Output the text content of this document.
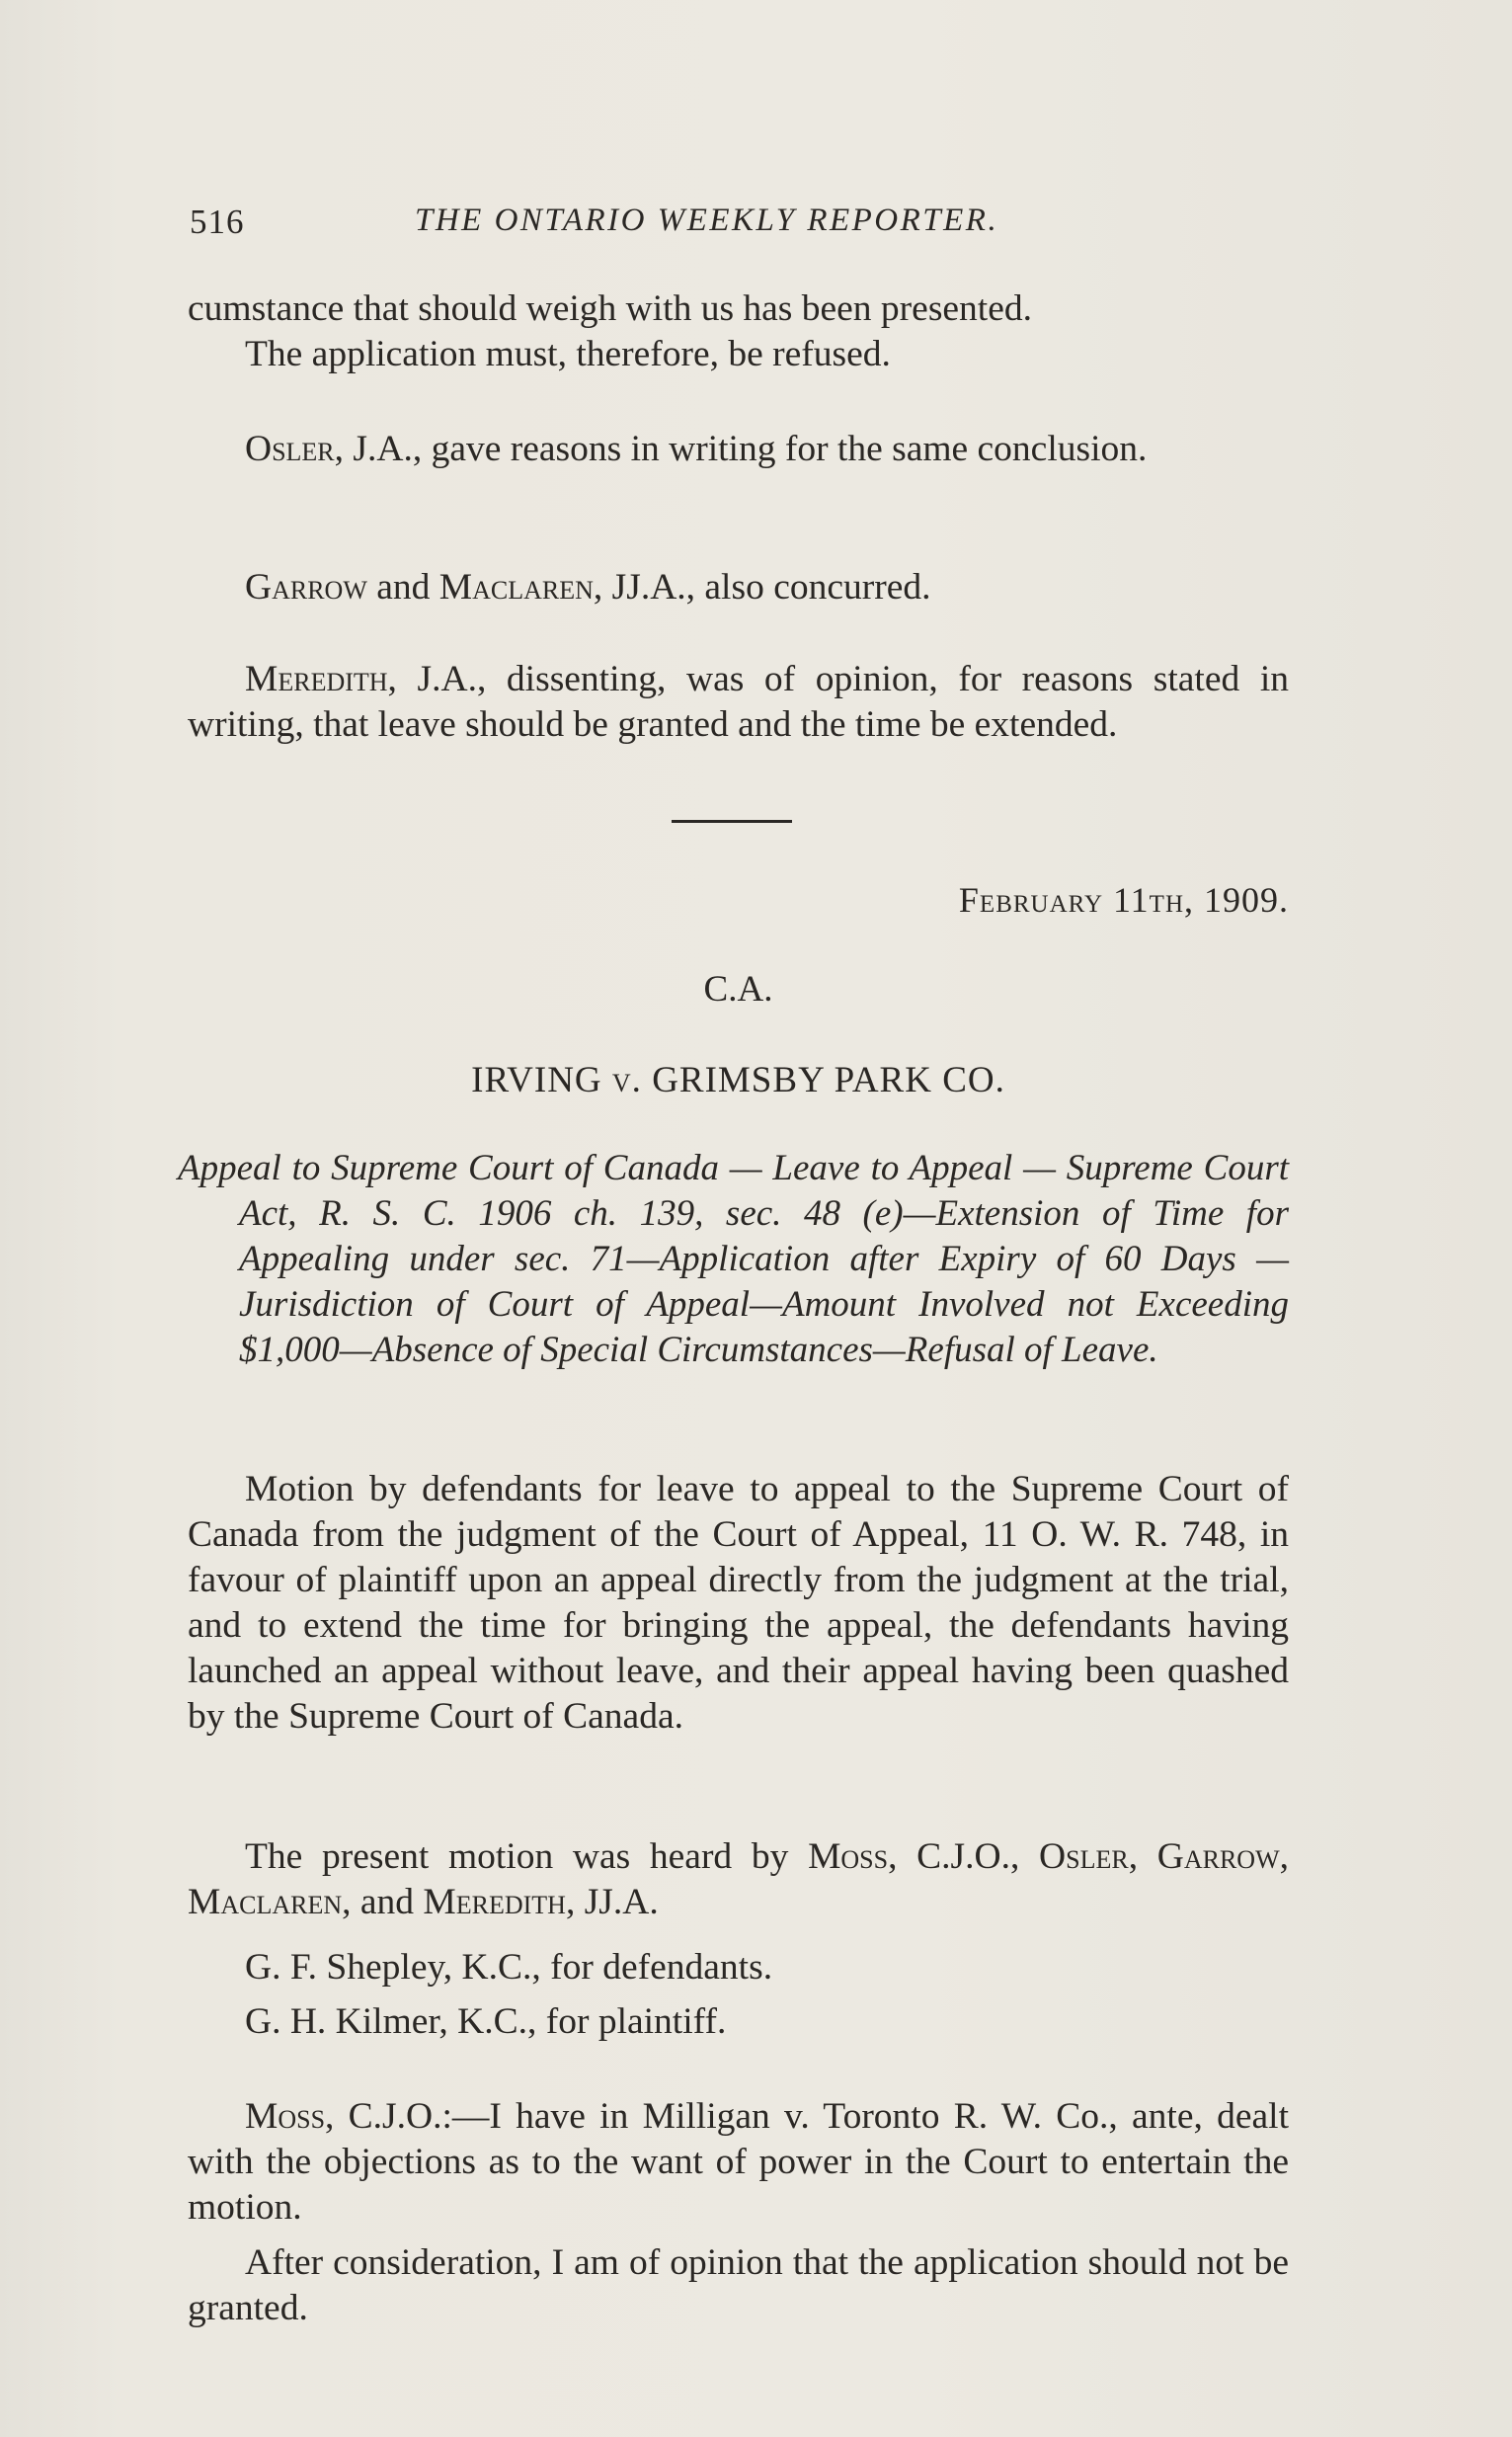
516	THE ONTARIO WEEKLY REPORTER.
cumstance that should weigh with us has been presented.
The application must, therefore, be refused.
Osler, J.A., gave reasons in writing for the same conclusion.
Garrow and Maclaren, JJ.A., also concurred.
Meredith, J.A., dissenting, was of opinion, for reasons stated in writing, that leave should be granted and the time be extended.
February 11th, 1909.
C.A.
IRVING v. GRIMSBY PARK CO.
Appeal to Supreme Court of Canada — Leave to Appeal — Supreme Court Act, R. S. C. 1906 ch. 139, sec. 48 (e)—Extension of Time for Appealing under sec. 71—Application after Expiry of 60 Days — Jurisdiction of Court of Appeal—Amount Involved not Exceeding $1,000—Absence of Special Circumstances—Refusal of Leave.
Motion by defendants for leave to appeal to the Supreme Court of Canada from the judgment of the Court of Appeal, 11 O. W. R. 748, in favour of plaintiff upon an appeal directly from the judgment at the trial, and to extend the time for bringing the appeal, the defendants having launched an appeal without leave, and their appeal having been quashed by the Supreme Court of Canada.
The present motion was heard by Moss, C.J.O., Osler, Garrow, Maclaren, and Meredith, JJ.A.
G. F. Shepley, K.C., for defendants.
G. H. Kilmer, K.C., for plaintiff.
Moss, C.J.O.:—I have in Milligan v. Toronto R. W. Co., ante, dealt with the objections as to the want of power in the Court to entertain the motion.
After consideration, I am of opinion that the application should not be granted.
